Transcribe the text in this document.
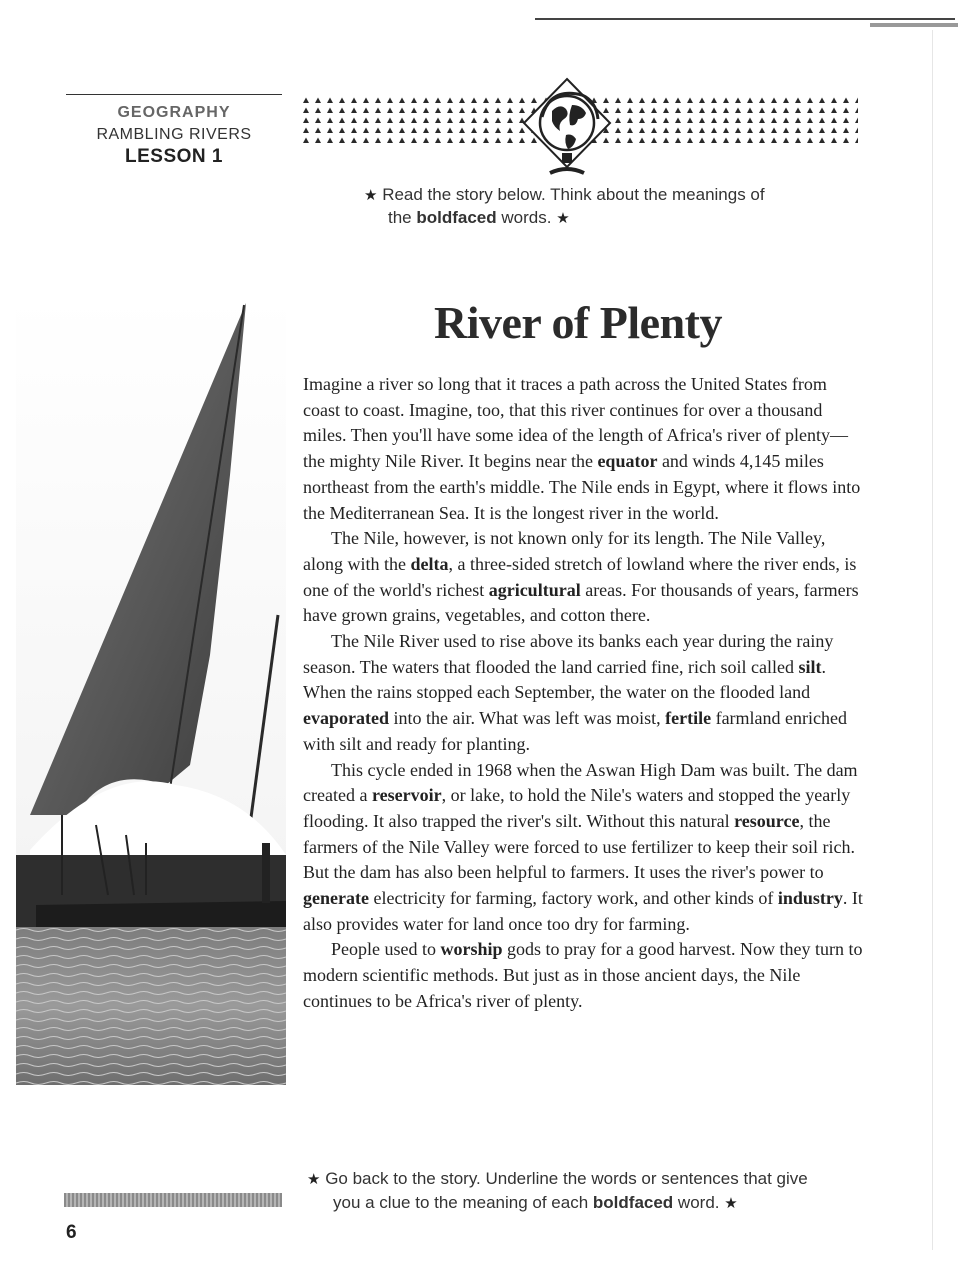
GEOGRAPHY
RAMBLING RIVERS
LESSON 1
★ Read the story below. Think about the meanings of
the boldfaced words. ★
River of Plenty

Imagine a river so long that it traces a path across the United States from coast to coast. Imagine, too, that this river continues for over a thousand miles. Then you'll have some idea of the length of Africa's river of plenty—the mighty Nile River. It begins near the equator and winds 4,145 miles northeast from the earth's middle. The Nile ends in Egypt, where it flows into the Mediterranean Sea. It is the longest river in the world.

The Nile, however, is not known only for its length. The Nile Valley, along with the delta, a three-sided stretch of lowland where the river ends, is one of the world's richest agricultural areas. For thousands of years, farmers have grown grains, vegetables, and cotton there.

The Nile River used to rise above its banks each year during the rainy season. The waters that flooded the land carried fine, rich soil called silt. When the rains stopped each September, the water on the flooded land evaporated into the air. What was left was moist, fertile farmland enriched with silt and ready for planting.

This cycle ended in 1968 when the Aswan High Dam was built. The dam created a reservoir, or lake, to hold the Nile's waters and stopped the yearly flooding. It also trapped the river's silt. Without this natural resource, the farmers of the Nile Valley were forced to use fertilizer to keep their soil rich. But the dam has also been helpful to farmers. It uses the river's power to generate electricity for farming, factory work, and other kinds of industry. It also provides water for land once too dry for farming.

People used to worship gods to pray for a good harvest. Now they turn to modern scientific methods. But just as in those ancient days, the Nile continues to be Africa's river of plenty.

★ Go back to the story. Underline the words or sentences that give
you a clue to the meaning of each boldfaced word. ★
6
